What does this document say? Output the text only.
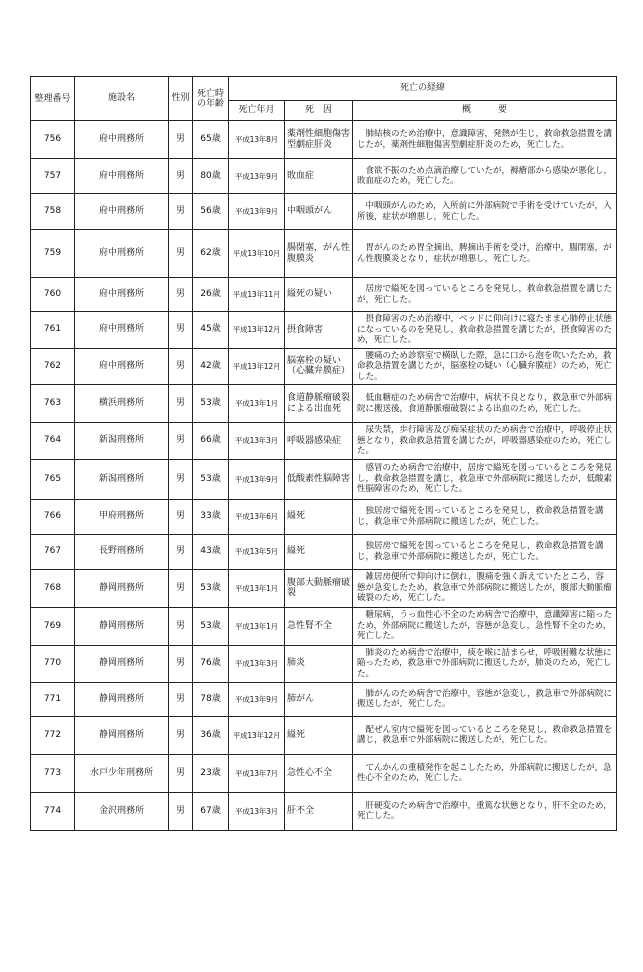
整理番号	施設名	性別	死亡時の年齢	死亡の経緯		
				死亡年月	死　因	概　　　要
756	府中刑務所	男	65歳	平成13年8月	薬剤性細胞傷害型劇症肝炎	肺結核のため治療中，意識障害，発熱が生じ，救命救急措置を講じたが，薬剤性細胞傷害型劇症肝炎のため，死亡した。
757	府中刑務所	男	80歳	平成13年9月	敗血症	食欲不振のため点滴治療していたが，褥瘡部から感染が悪化し，敗血症のため，死亡した。
758	府中刑務所	男	56歳	平成13年9月	中咽頭がん	中咽頭がんのため，入所前に外部病院で手術を受けていたが，入所後，症状が増悪し，死亡した。
759	府中刑務所	男	62歳	平成13年10月	腸閉塞，がん性腹膜炎	胃がんのため胃全摘出，脾摘出手術を受け，治療中，腸閉塞，がん性腹膜炎となり，症状が増悪し，死亡した。
760	府中刑務所	男	26歳	平成13年11月	縊死の疑い	居房で縊死を図っているところを発見し，救命救急措置を講じたが，死亡した。
761	府中刑務所	男	45歳	平成13年12月	摂食障害	摂食障害のため治療中，ベッドに仰向けに寝たまま心肺停止状態になっているのを発見し，救命救急措置を講じたが，摂食障害のため，死亡した。
762	府中刑務所	男	42歳	平成13年12月	脳塞栓の疑い（心臓弁膜症）	腰痛のため診察室で横臥した際，急に口から泡を吹いたため，救命救急措置を講じたが，脳塞栓の疑い（心臓弁膜症）のため，死亡した。
763	横浜刑務所	男	53歳	平成13年1月	食道静脈瘤破裂による出血死	低血糖症のため病舎で治療中，病状不良となり，救急車で外部病院に搬送後，食道静脈瘤破裂による出血のため，死亡した。
764	新潟刑務所	男	66歳	平成13年3月	呼吸器感染症	尿失禁，歩行障害及び痴呆症状のため病舎で治療中，呼吸停止状態となり，救命救急措置を講じたが，呼吸器感染症のため，死亡した。
765	新潟刑務所	男	53歳	平成13年9月	低酸素性脳障害	感冒のため病舎で治療中，居房で縊死を図っているところを発見し，救命救急措置を講じ，救急車で外部病院に搬送したが，低酸素性脳障害のため，死亡した。
766	甲府刑務所	男	33歳	平成13年6月	縊死	独居房で縊死を図っているところを発見し，救命救急措置を講じ，救急車で外部病院に搬送したが，死亡した。
767	長野刑務所	男	43歳	平成13年5月	縊死	独居房で縊死を図っているところを発見し，救命救急措置を講じ，救急車で外部病院に搬送したが，死亡した。
768	静岡刑務所	男	53歳	平成13年1月	腹部大動脈瘤破裂	雑居房便所で仰向けに倒れ，腹痛を強く訴えていたところ，容態が急変したため，救急車で外部病院に搬送したが，腹部大動脈瘤破裂のため，死亡した。
769	静岡刑務所	男	53歳	平成13年1月	急性腎不全	糖尿病，うっ血性心不全のため病舎で治療中，意識障害に陥ったため，外部病院に搬送したが，容態が急変し，急性腎不全のため，死亡した。
770	静岡刑務所	男	76歳	平成13年3月	肺炎	肺炎のため病舎で治療中，痰を喉に詰まらせ，呼吸困難な状態に陥ったため，救急車で外部病院に搬送したが，肺炎のため，死亡した。
771	静岡刑務所	男	78歳	平成13年9月	肺がん	肺がんのため病舎で治療中，容態が急変し，救急車で外部病院に搬送したが，死亡した。
772	静岡刑務所	男	36歳	平成13年12月	縊死	配ぜん室内で縊死を図っているところを発見し，救命救急措置を講じ，救急車で外部病院に搬送したが，死亡した。
773	水戸少年刑務所	男	23歳	平成13年7月	急性心不全	てんかんの重積発作を起こしたため，外部病院に搬送したが，急性心不全のため，死亡した。
774	金沢刑務所	男	67歳	平成13年3月	肝不全	肝硬変のため病舎で治療中，重篤な状態となり，肝不全のため，死亡した。
